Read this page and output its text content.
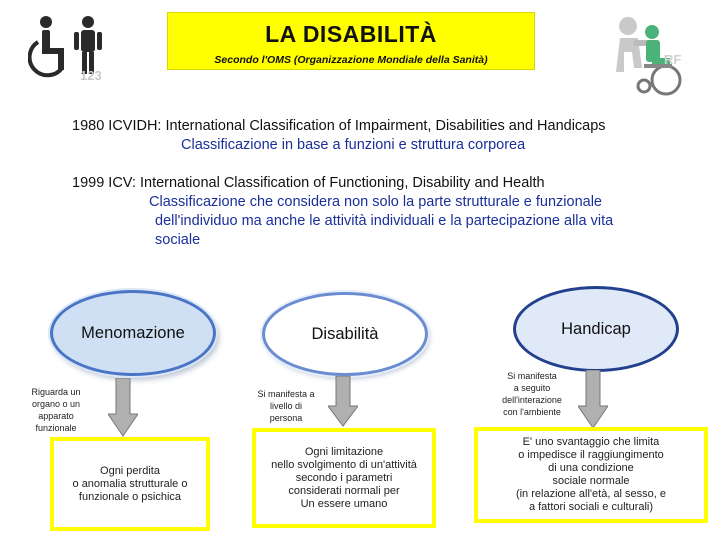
123
LA DISABILITÀ
Secondo l'OMS (Organizzazione Mondiale della Sanità)	RF
1980 ICVIDH: International Classification of Impairment, Disabilities and Handicaps
Classificazione in base a funzioni e struttura corporea
1999 ICV: International Classification of Functioning, Disability and Health
Classificazione che considera non solo la parte strutturale e funzionale
dell'individuo ma anche le attività individuali e la partecipazione alla vita
sociale
Menomazione	Disabilità	Handicap
Riguarda un
organo o un
apparato
funzionale
Si manifesta a
livello di
persona
Si manifesta
a seguito
dell'interazione
con l'ambiente
Ogni perdita
o anomalia strutturale o
funzionale o psichica
Ogni limitazione
nello svolgimento di un'attività
secondo i parametri
considerati normali per
Un essere umano
E' uno svantaggio che limita
o impedisce il raggiungimento
di una condizione
sociale normale
(in relazione all'età, al sesso, e
a fattori sociali e culturali)
